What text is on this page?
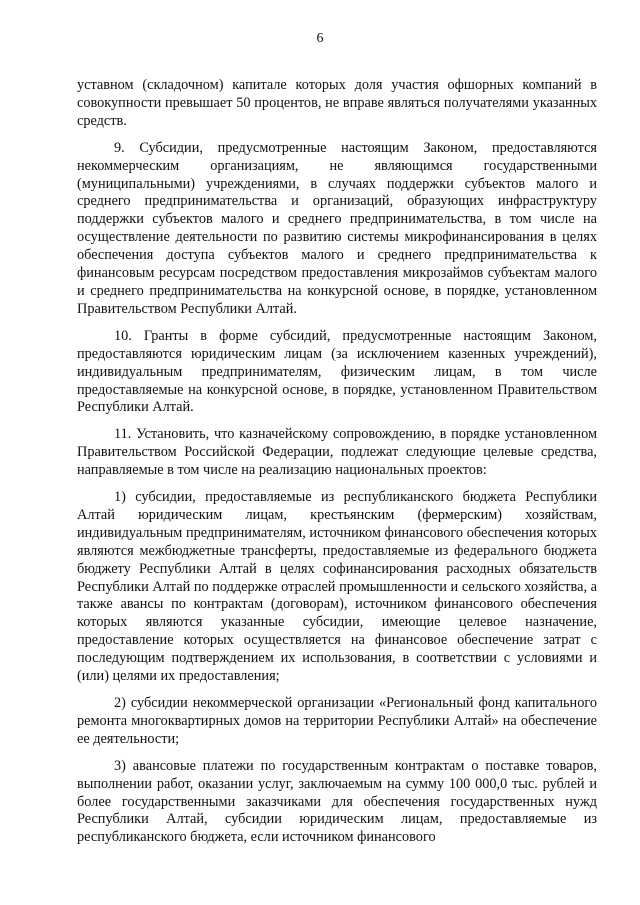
6

уставном (складочном) капитале которых доля участия офшорных компаний в совокупности превышает 50 процентов, не вправе являться получателями указанных средств.

9. Субсидии, предусмотренные настоящим Законом, предоставляются некоммерческим организациям, не являющимся государственными (муниципальными) учреждениями, в случаях поддержки субъектов малого и среднего предпринимательства и организаций, образующих инфраструктуру поддержки субъектов малого и среднего предпринимательства, в том числе на осуществление деятельности по развитию системы микрофинансирования в целях обеспечения доступа субъектов малого и среднего предпринимательства к финансовым ресурсам посредством предоставления микрозаймов субъектам малого и среднего предпринимательства на конкурсной основе, в порядке, установленном Правительством Республики Алтай.

10. Гранты в форме субсидий, предусмотренные настоящим Законом, предоставляются юридическим лицам (за исключением казенных учреждений), индивидуальным предпринимателям, физическим лицам, в том числе предоставляемые на конкурсной основе, в порядке, установленном Правительством Республики Алтай.

11. Установить, что казначейскому сопровождению, в порядке установленном Правительством Российской Федерации, подлежат следующие целевые средства, направляемые в том числе на реализацию национальных проектов:

1) субсидии, предоставляемые из республиканского бюджета Республики Алтай юридическим лицам, крестьянским (фермерским) хозяйствам, индивидуальным предпринимателям, источником финансового обеспечения которых являются межбюджетные трансферты, предоставляемые из федерального бюджета бюджету Республики Алтай в целях софинансирования расходных обязательств Республики Алтай по поддержке отраслей промышленности и сельского хозяйства, а также авансы по контрактам (договорам), источником финансового обеспечения которых являются указанные субсидии, имеющие целевое назначение, предоставление которых осуществляется на финансовое обеспечение затрат с последующим подтверждением их использования, в соответствии с условиями и (или) целями их предоставления;

2) субсидии некоммерческой организации «Региональный фонд капитального ремонта многоквартирных домов на территории Республики Алтай» на обеспечение ее деятельности;

3) авансовые платежи по государственным контрактам о поставке товаров, выполнении работ, оказании услуг, заключаемым на сумму 100 000,0 тыс. рублей и более государственными заказчиками для обеспечения государственных нужд Республики Алтай, субсидии юридическим лицам, предоставляемые из республиканского бюджета, если источником финансового
